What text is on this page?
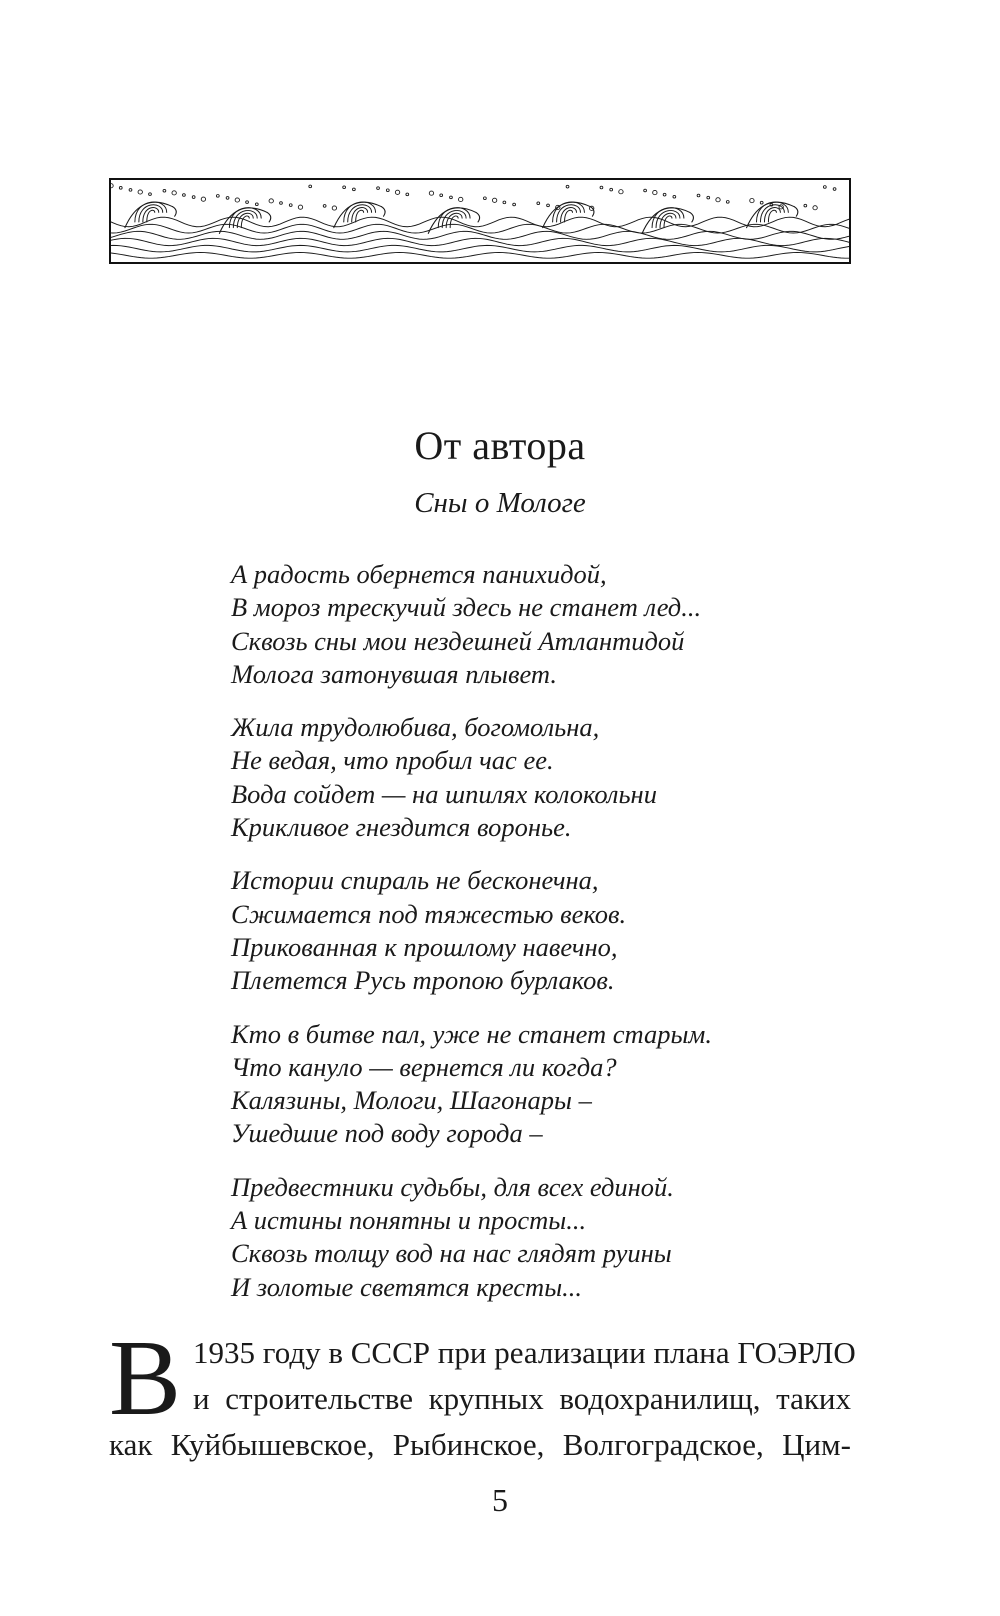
От автора
Сны о Мологе
А радость обернется панихидой,
В мороз трескучий здесь не станет лед...
Сквозь сны мои нездешней Атлантидой
Молога затонувшая плывет.
Жила трудолюбива, богомольна,
Не ведая, что пробил час ее.
Вода сойдет — на шпилях колокольни
Крикливое гнездится воронье.
Истории спираль не бесконечна,
Сжимается под тяжестью веков.
Прикованная к прошлому навечно,
Плетется Русь тропою бурлаков.
Кто в битве пал, уже не станет старым.
Что кануло — вернется ли когда?
Калязины, Мологи, Шагонары –
Ушедшие под воду города –
Предвестники судьбы, для всех единой.
А истины понятны и просты...
Сквозь толщу вод на нас глядят руины
И золотые светятся кресты...
В 1935 году в СССР при реализации плана ГОЭРЛО
и строительстве крупных водохранилищ, таких
как Куйбышевское, Рыбинское, Волгоградское, Цим-
5
